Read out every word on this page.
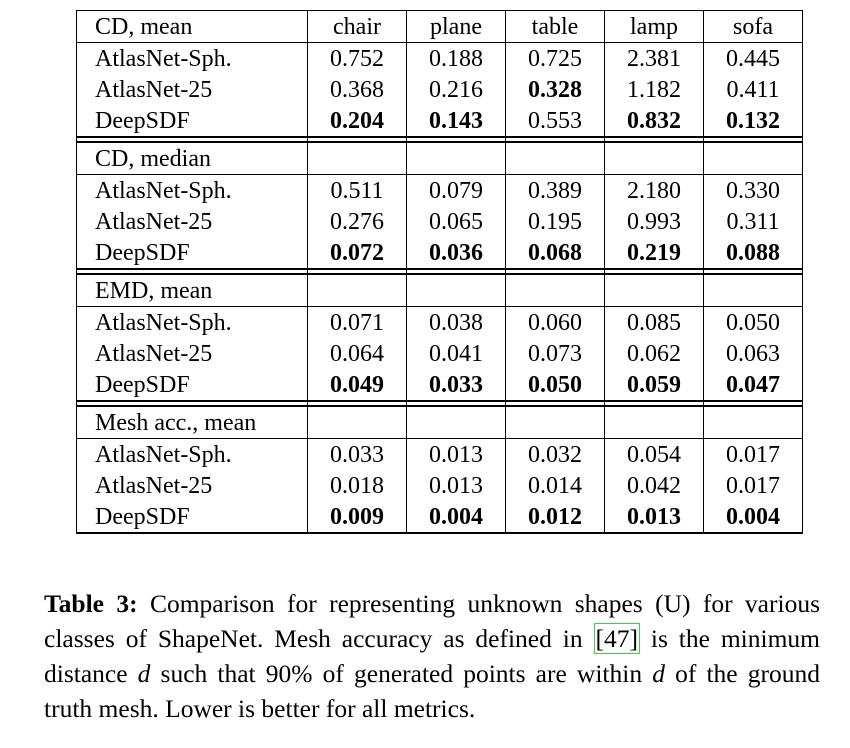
CD, mean	chair	plane	table	lamp	sofa
AtlasNet-Sph.	0.752	0.188	0.725	2.381	0.445
AtlasNet-25	0.368	0.216	0.328	1.182	0.411
DeepSDF	0.204	0.143	0.553	0.832	0.132

CD, median					
AtlasNet-Sph.	0.511	0.079	0.389	2.180	0.330
AtlasNet-25	0.276	0.065	0.195	0.993	0.311
DeepSDF	0.072	0.036	0.068	0.219	0.088

EMD, mean					
AtlasNet-Sph.	0.071	0.038	0.060	0.085	0.050
AtlasNet-25	0.064	0.041	0.073	0.062	0.063
DeepSDF	0.049	0.033	0.050	0.059	0.047

Mesh acc., mean					
AtlasNet-Sph.	0.033	0.013	0.032	0.054	0.017
AtlasNet-25	0.018	0.013	0.014	0.042	0.017
DeepSDF	0.009	0.004	0.012	0.013	0.004
Table 3: Comparison for representing unknown shapes (U) for various classes of ShapeNet. Mesh accuracy as defined in [47] is the minimum distance d such that 90% of generated points are within d of the ground truth mesh. Lower is better for all metrics.
